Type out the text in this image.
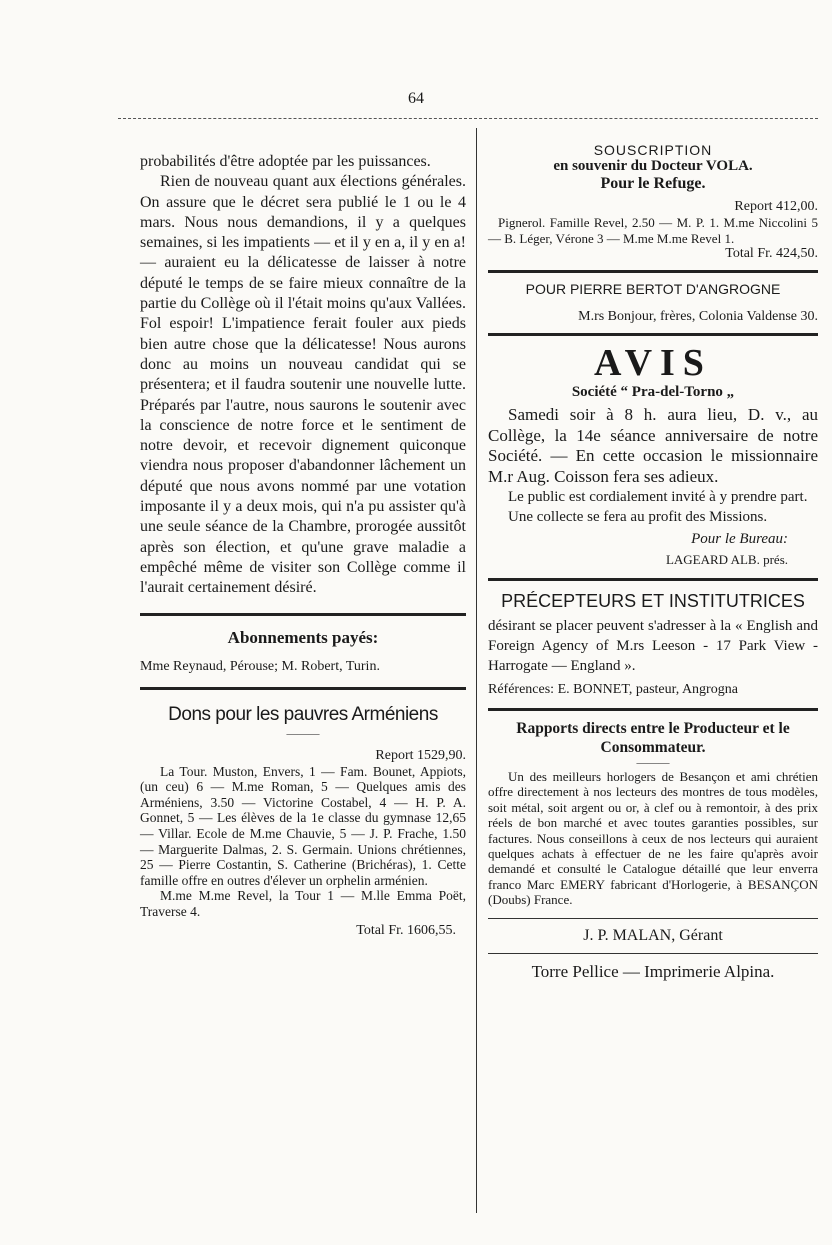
64

probabilités d'être adoptée par les puissances.

Rien de nouveau quant aux élections générales. On assure que le décret sera publié le 1 ou le 4 mars. Nous nous demandions, il y a quelques semaines, si les impatients — et il y en a, il y en a! — auraient eu la délicatesse de laisser à notre député le temps de se faire mieux connaître de la partie du Collège où il l'était moins qu'aux Vallées. Fol espoir! L'impatience ferait fouler aux pieds bien autre chose que la délicatesse! Nous aurons donc au moins un nouveau candidat qui se présentera; et il faudra soutenir une nouvelle lutte. Préparés par l'autre, nous saurons le soutenir avec la conscience de notre force et le sentiment de notre devoir, et recevoir dignement quiconque viendra nous proposer d'abandonner lâchement un député que nous avons nommé par une votation imposante il y a deux mois, qui n'a pu assister qu'à une seule séance de la Chambre, prorogée aussitôt après son élection, et qu'une grave maladie a empêché même de visiter son Collège comme il l'aurait certainement désiré.

Abonnements payés:

Mme Reynaud, Pérouse; M. Robert, Turin.

Dons pour les pauvres Arméniens

———

Report 1529,90.

La Tour. Muston, Envers, 1 — Fam. Bounet, Appiots, (un ceu) 6 — M.me Roman, 5 — Quelques amis des Arméniens, 3.50 — Victorine Costabel, 4 — H. P. A. Gonnet, 5 — Les élèves de la 1e classe du gymnase 12,65 — Villar. Ecole de M.me Chauvie, 5 — J. P. Frache, 1.50 — Marguerite Dalmas, 2. S. Germain. Unions chrétiennes, 25 — Pierre Costantin, S. Catherine (Brichéras), 1. Cette famille offre en outres d'élever un orphelin arménien.

M.me M.me Revel, la Tour 1 — M.lle Emma Poët, Traverse 4.

Total Fr. 1606,55.

SOUSCRIPTION

en souvenir du Docteur VOLA.

Pour le Refuge.

Report 412,00.

Pignerol. Famille Revel, 2.50 — M. P. 1. M.me Niccolini 5 — B. Léger, Vérone 3 — M.me M.me Revel 1.

Total Fr. 424,50.

POUR PIERRE BERTOT D'ANGROGNE

M.rs Bonjour, frères, Colonia Valdense 30.

AVIS

Société “ Pra-del-Torno „

Samedi soir à 8 h. aura lieu, D. v., au Collège, la 14e séance anniversaire de notre Société. — En cette occasion le missionnaire M.r Aug. Coisson fera ses adieux.

Le public est cordialement invité à y prendre part.

Une collecte se fera au profit des Missions.

Pour le Bureau:

LAGEARD ALB. prés.

PRÉCEPTEURS ET INSTITUTRICES

désirant se placer peuvent s'adresser à la « English and Foreign Agency of M.rs Leeson - 17 Park View - Harrogate — England ».

Références: E. BONNET, pasteur, Angrogna

Rapports directs entre le Producteur et le Consommateur.

———

Un des meilleurs horlogers de Besançon et ami chrétien offre directement à nos lecteurs des montres de tous modèles, soit métal, soit argent ou or, à clef ou à remontoir, à des prix réels de bon marché et avec toutes garanties possibles, sur factures. Nous conseillons à ceux de nos lecteurs qui auraient quelques achats à effectuer de ne les faire qu'après avoir demandé et consulté le Catalogue détaillé que leur enverra franco Marc EMERY fabricant d'Horlogerie, à BESANÇON (Doubs) France.

J. P. MALAN, Gérant

Torre Pellice — Imprimerie Alpina.
